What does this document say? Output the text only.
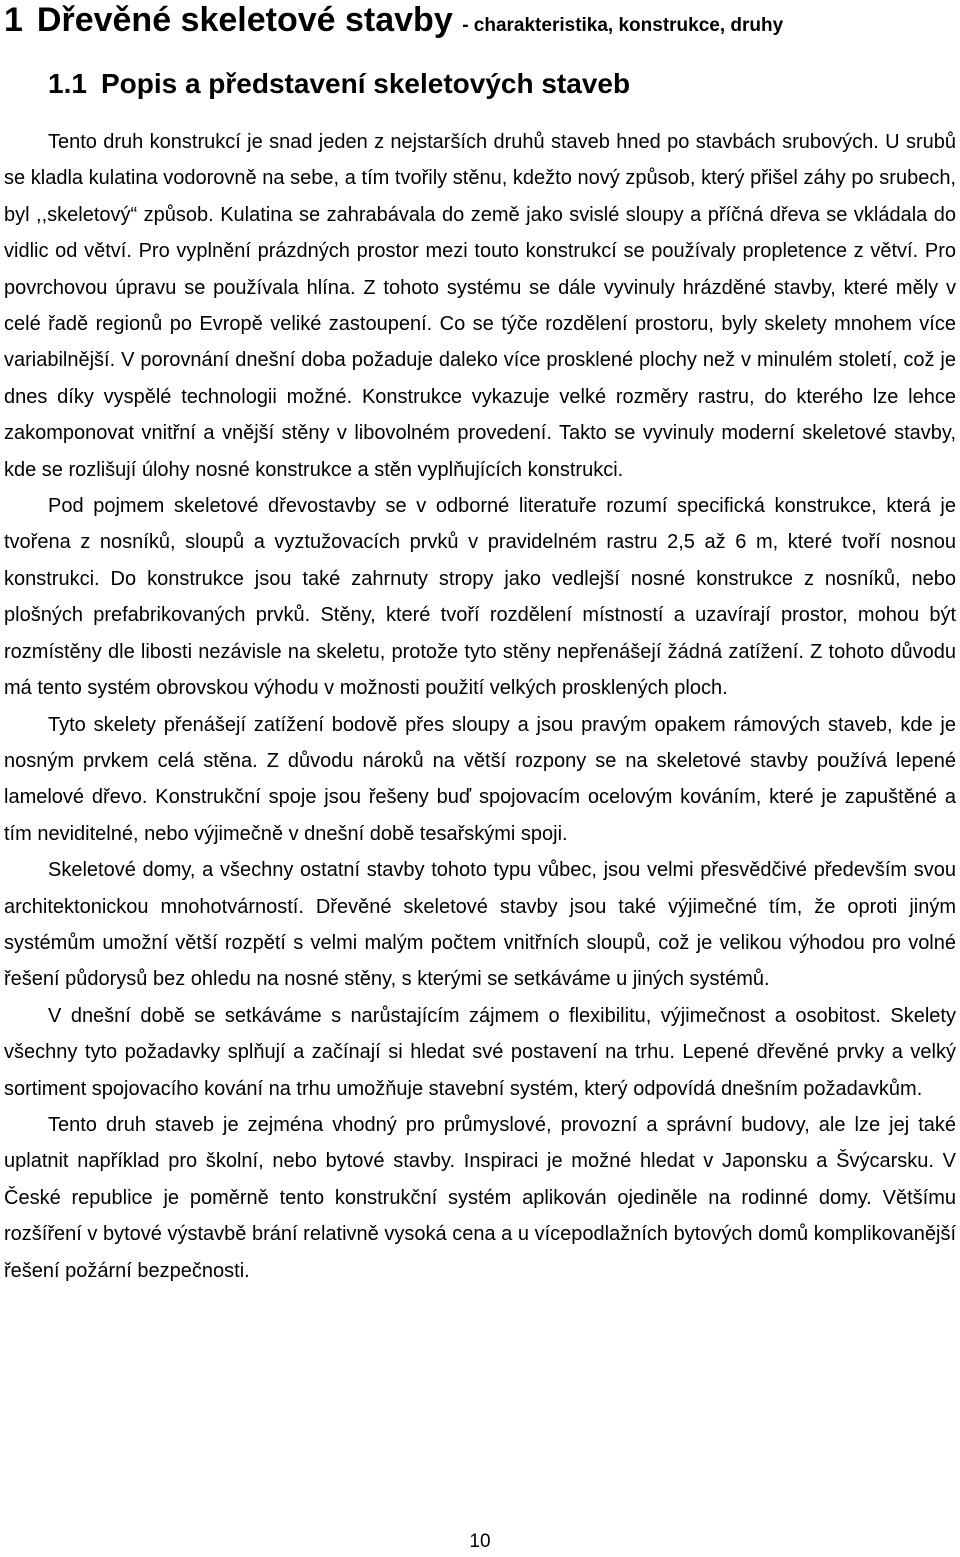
1 Dřevěné skeletové stavby - charakteristika, konstrukce, druhy
1.1 Popis a představení skeletových staveb

Tento druh konstrukcí je snad jeden z nejstarších druhů staveb hned po stavbách srubových. U srubů se kladla kulatina vodorovně na sebe, a tím tvořily stěnu, kdežto nový způsob, který přišel záhy po srubech, byl ,,skeletový“ způsob. Kulatina se zahrabávala do země jako svislé sloupy a příčná dřeva se vkládala do vidlic od větví. Pro vyplnění prázdných prostor mezi touto konstrukcí se používaly propletence z větví. Pro povrchovou úpravu se používala hlína. Z tohoto systému se dále vyvinuly hrázděné stavby, které měly v celé řadě regionů po Evropě veliké zastoupení. Co se týče rozdělení prostoru, byly skelety mnohem více variabilnější. V porovnání dnešní doba požaduje daleko více prosklené plochy než v minulém století, což je dnes díky vyspělé technologii možné. Konstrukce vykazuje velké rozměry rastru, do kterého lze lehce zakomponovat vnitřní a vnější stěny v libovolném provedení. Takto se vyvinuly moderní skeletové stavby, kde se rozlišují úlohy nosné konstrukce a stěn vyplňujících konstrukci.

Pod pojmem skeletové dřevostavby se v odborné literatuře rozumí specifická konstrukce, která je tvořena z nosníků, sloupů a vyztužovacích prvků v pravidelném rastru 2,5 až 6 m, které tvoří nosnou konstrukci. Do konstrukce jsou také zahrnuty stropy jako vedlejší nosné konstrukce z nosníků, nebo plošných prefabrikovaných prvků. Stěny, které tvoří rozdělení místností a uzavírají prostor, mohou být rozmístěny dle libosti nezávisle na skeletu, protože tyto stěny nepřenášejí žádná zatížení. Z tohoto důvodu má tento systém obrovskou výhodu v možnosti použití velkých prosklených ploch.

Tyto skelety přenášejí zatížení bodově přes sloupy a jsou pravým opakem rámových staveb, kde je nosným prvkem celá stěna. Z důvodu nároků na větší rozpony se na skeletové stavby používá lepené lamelové dřevo. Konstrukční spoje jsou řešeny buď spojovacím ocelovým kováním, které je zapuštěné a tím neviditelné, nebo výjimečně v dnešní době tesařskými spoji.

Skeletové domy, a všechny ostatní stavby tohoto typu vůbec, jsou velmi přesvědčivé především svou architektonickou mnohotvárností. Dřevěné skeletové stavby jsou také výjimečné tím, že oproti jiným systémům umožní větší rozpětí s velmi malým počtem vnitřních sloupů, což je velikou výhodou pro volné řešení půdorysů bez ohledu na nosné stěny, s kterými se setkáváme u jiných systémů.

V dnešní době se setkáváme s narůstajícím zájmem o flexibilitu, výjimečnost a osobitost. Skelety všechny tyto požadavky splňují a začínají si hledat své postavení na trhu. Lepené dřevěné prvky a velký sortiment spojovacího kování na trhu umožňuje stavební systém, který odpovídá dnešním požadavkům.

Tento druh staveb je zejména vhodný pro průmyslové, provozní a správní budovy, ale lze jej také uplatnit například pro školní, nebo bytové stavby. Inspiraci je možné hledat v Japonsku a Švýcarsku. V České republice je poměrně tento konstrukční systém aplikován ojediněle na rodinné domy. Většímu rozšíření v bytové výstavbě brání relativně vysoká cena a u vícepodlažních bytových domů komplikovanější řešení požární bezpečnosti.

10
